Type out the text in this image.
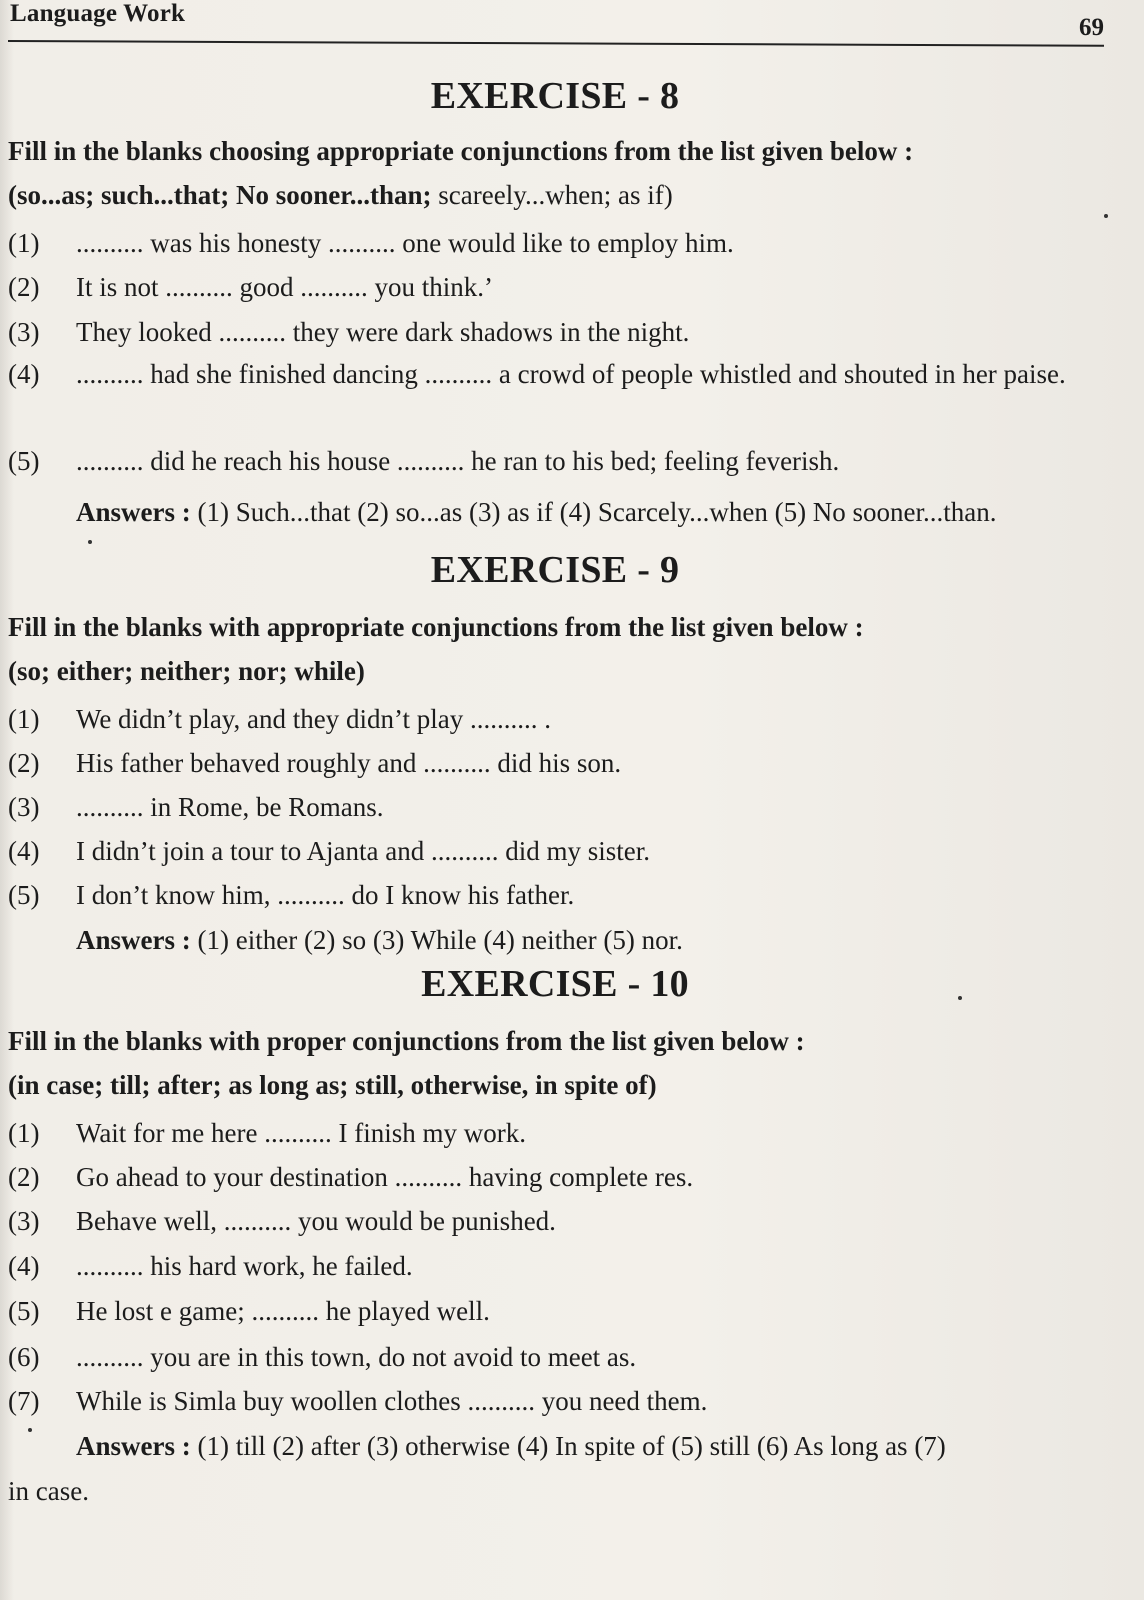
Language Work
69
EXERCISE - 8
Fill in the blanks choosing appropriate conjunctions from the list given below :
(so...as; such...that; No sooner...than; scareely...when; as if)
(1) .......... was his honesty .......... one would like to employ him.
(2) It is not .......... good .......... you think.’
(3) They looked .......... they were dark shadows in the night.
(4) .......... had she finished dancing .......... a crowd of people whistled and shouted in her paise.
(5) .......... did he reach his house .......... he ran to his bed; feeling feverish.
Answers : (1) Such...that (2) so...as (3) as if (4) Scarcely...when (5) No sooner...than.
EXERCISE - 9
Fill in the blanks with appropriate conjunctions from the list given below :
(so; either; neither; nor; while)
(1) We didn’t play, and they didn’t play .......... .
(2) His father behaved roughly and .......... did his son.
(3) .......... in Rome, be Romans.
(4) I didn’t join a tour to Ajanta and .......... did my sister.
(5) I don’t know him, .......... do I know his father.
Answers : (1) either (2) so (3) While (4) neither (5) nor.
EXERCISE - 10
Fill in the blanks with proper conjunctions from the list given below :
(in case; till; after; as long as; still, otherwise, in spite of)
(1) Wait for me here .......... I finish my work.
(2) Go ahead to your destination .......... having complete res.
(3) Behave well, .......... you would be punished.
(4) .......... his hard work, he failed.
(5) He lost e game; .......... he played well.
(6) .......... you are in this town, do not avoid to meet as.
(7) While is Simla buy woollen clothes .......... you need them.
Answers : (1) till (2) after (3) otherwise (4) In spite of (5) still (6) As long as (7)
in case.
